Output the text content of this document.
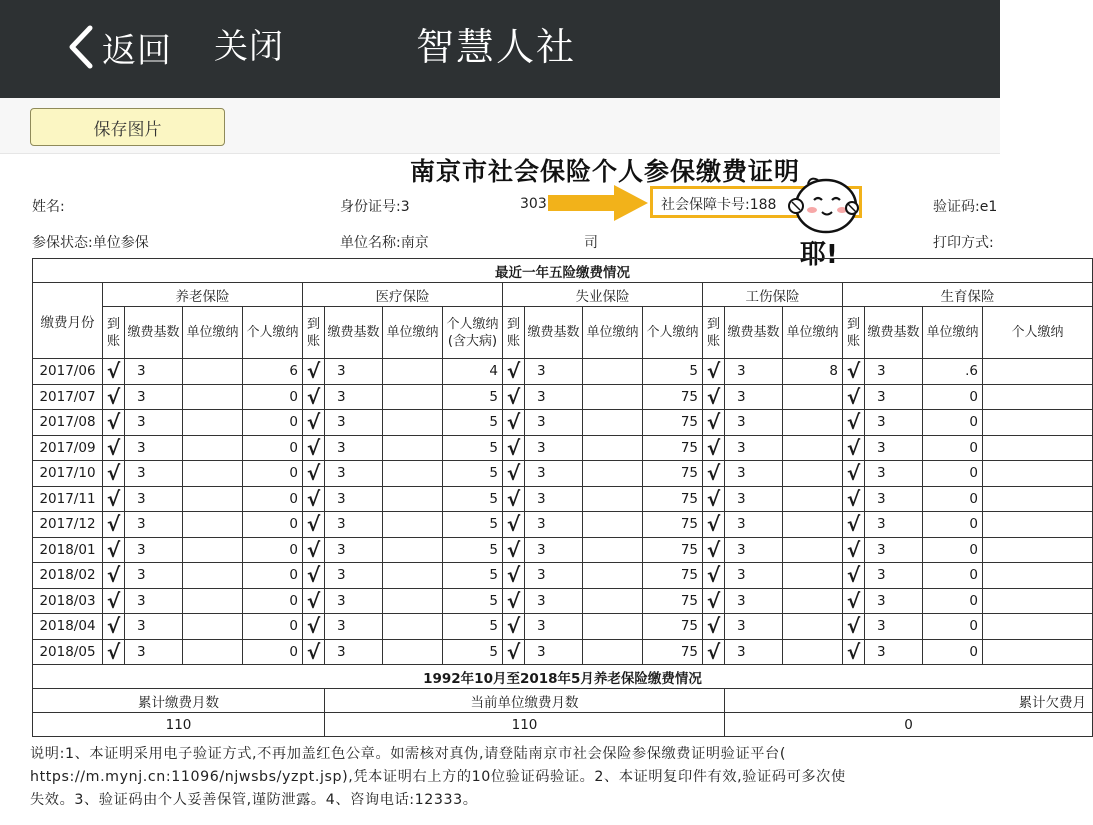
返回 关闭	智慧人社
保存图片
南京市社会保险个人参保缴费证明
姓名:	身份证号:3	303	社会保障卡号:188
耶!
验证码:e1
参保状态:单位参保	单位名称:南京	司	打印方式:
最近一年五险缴费情况																			
缴费月份	养老保险				医疗保险				失业保险				工伤保险			生育保险			
	到账	缴费基数	单位缴纳	个人缴纳	到账	缴费基数	单位缴纳	个人缴纳(含大病)	到账	缴费基数	单位缴纳	个人缴纳	到账	缴费基数	单位缴纳	到账	缴费基数	单位缴纳	个人缴纳
2017/06	√	3		6	√	3		4	√	3		5	√	3	8	√	3	.6	
2017/07	√	3		0	√	3		5	√	3		75	√	3		√	3	0	
2017/08	√	3		0	√	3		5	√	3		75	√	3		√	3	0	
2017/09	√	3		0	√	3		5	√	3		75	√	3		√	3	0	
2017/10	√	3		0	√	3		5	√	3		75	√	3		√	3	0	
2017/11	√	3		0	√	3		5	√	3		75	√	3		√	3	0	
2017/12	√	3		0	√	3		5	√	3		75	√	3		√	3	0	
2018/01	√	3		0	√	3		5	√	3		75	√	3		√	3	0	
2018/02	√	3		0	√	3		5	√	3		75	√	3		√	3	0	
2018/03	√	3		0	√	3		5	√	3		75	√	3		√	3	0	
2018/04	√	3		0	√	3		5	√	3		75	√	3		√	3	0	
2018/05	√	3		0	√	3		5	√	3		75	√	3		√	3	0	
1992年10月至2018年5月养老保险缴费情况																			
累计缴费月数						当前单位缴费月数								累计欠费月					
110						110								0					
说明:1、本证明采用电子验证方式,不再加盖红色公章。如需核对真伪,请登陆南京市社会保险参保缴费证明验证平台(
https://m.mynj.cn:11096/njwsbs/yzpt.jsp),凭本证明右上方的10位验证码验证。2、本证明复印件有效,验证码可多次使
失效。3、验证码由个人妥善保管,谨防泄露。4、咨询电话:12333。
